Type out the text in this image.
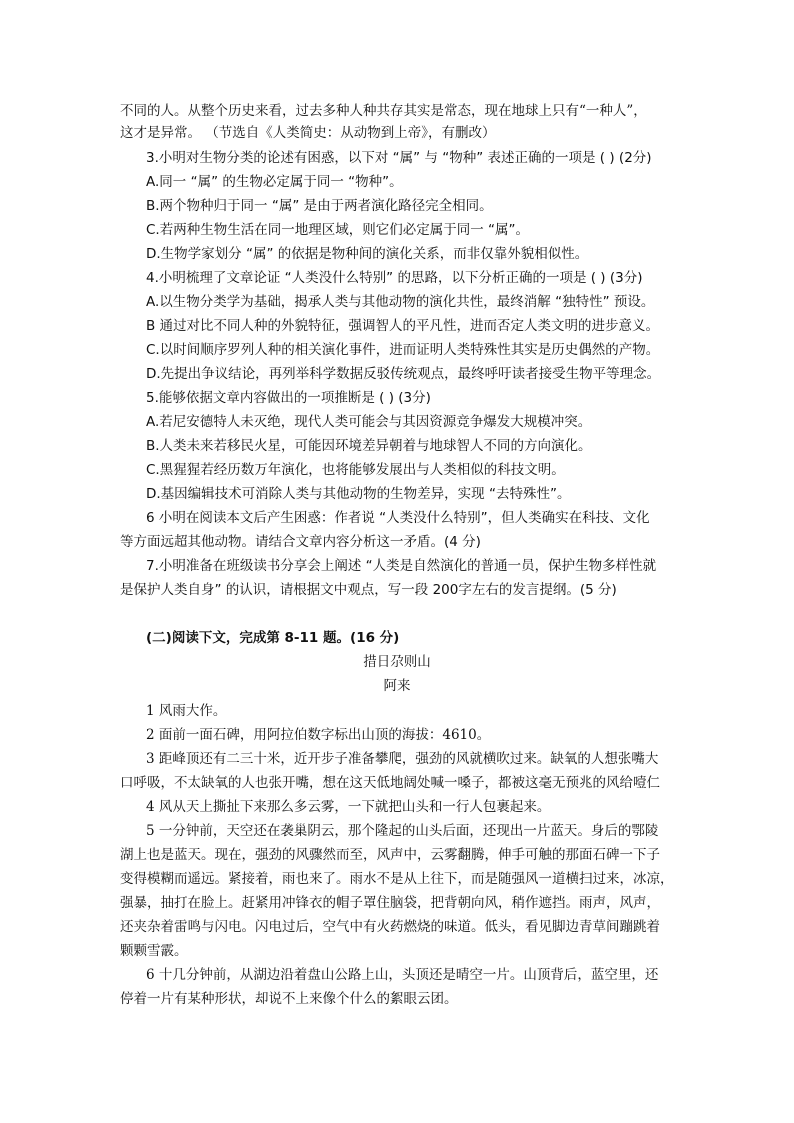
不同的人。从整个历史来看，过去多种人种共存其实是常态，现在地球上只有“一种人”，
这才是异常。 （节选自《人类简史：从动物到上帝》，有删改）
3.小明对生物分类的论述有困惑，以下对 “属” 与 “物种” 表述正确的一项是 ( ) (2分)
A.同一 “属” 的生物必定属于同一 “物种”。
B.两个物种归于同一 “属” 是由于两者演化路径完全相同。
C.若两种生物生活在同一地理区域，则它们必定属于同一 “属”。
D.生物学家划分 “属” 的依据是物种间的演化关系，而非仅靠外貌相似性。
4.小明梳理了文章论证 “人类没什么特别” 的思路，以下分析正确的一项是 ( ) (3分)
A.以生物分类学为基础，揭承人类与其他动物的演化共性，最终消解 “独特性” 预设。
B 通过对比不同人种的外貌特征，强调智人的平凡性，进而否定人类文明的进步意义。
C.以时间顺序罗列人种的相关演化事件，进而证明人类特殊性其实是历史偶然的产物。
D.先提出争议结论，再列举科学数据反驳传统观点，最终呼吁读者接受生物平等理念。
5.能够依据文章内容做出的一项推断是 ( ) (3分)
A.若尼安德特人未灭绝，现代人类可能会与其因资源竞争爆发大规模冲突。
B.人类未来若移民火星，可能因环境差异朝着与地球智人不同的方向演化。
C.黑猩猩若经历数万年演化，也将能够发展出与人类相似的科技文明。
D.基因编辑技术可消除人类与其他动物的生物差异，实现 “去特殊性”。
6 小明在阅读本文后产生困惑：作者说 “人类没什么特别”，但人类确实在科技、文化
等方面远超其他动物。请结合文章内容分析这一矛盾。(4 分)
7.小明准备在班级读书分享会上阐述 “人类是自然演化的普通一员，保护生物多样性就
是保护人类自身” 的认识，请根据文中观点，写一段 200字左右的发言提纲。(5 分)
(二)阅读下文，完成第 8-11 题。(16 分)
措日尕则山
阿来
1 风雨大作。
2 面前一面石碑，用阿拉伯数字标出山顶的海拔：4610。
3 距峰顶还有二三十米，近开步子准备攀爬，强劲的风就横吹过来。缺氧的人想张嘴大
口呼吸，不太缺氧的人也张开嘴，想在这天低地阔处喊一嗓子，都被这毫无预兆的风给噎仁
4 风从天上撕扯下来那么多云雾，一下就把山头和一行人包裹起来。
5 一分钟前，天空还在袭巢阴云，那个隆起的山头后面，还现出一片蓝天。身后的鄂陵
湖上也是蓝天。现在，强劲的风骤然而至，风声中，云雾翻腾，伸手可触的那面石碑一下子
变得模糊而遥远。紧接着，雨也来了。雨水不是从上往下，而是随强风一道横扫过来，冰凉，
强暴，抽打在脸上。赶紧用冲锋衣的帽子罩住脑袋，把背朝向风，稍作遮挡。雨声，风声，
还夹杂着雷鸣与闪电。闪电过后，空气中有火药燃烧的味道。低头，看见脚边青草间蹦跳着
颗颗雪霰。
6 十几分钟前，从湖边沿着盘山公路上山，头顶还是晴空一片。山顶背后，蓝空里，还
停着一片有某种形状，却说不上来像个什么的絮眼云团。
